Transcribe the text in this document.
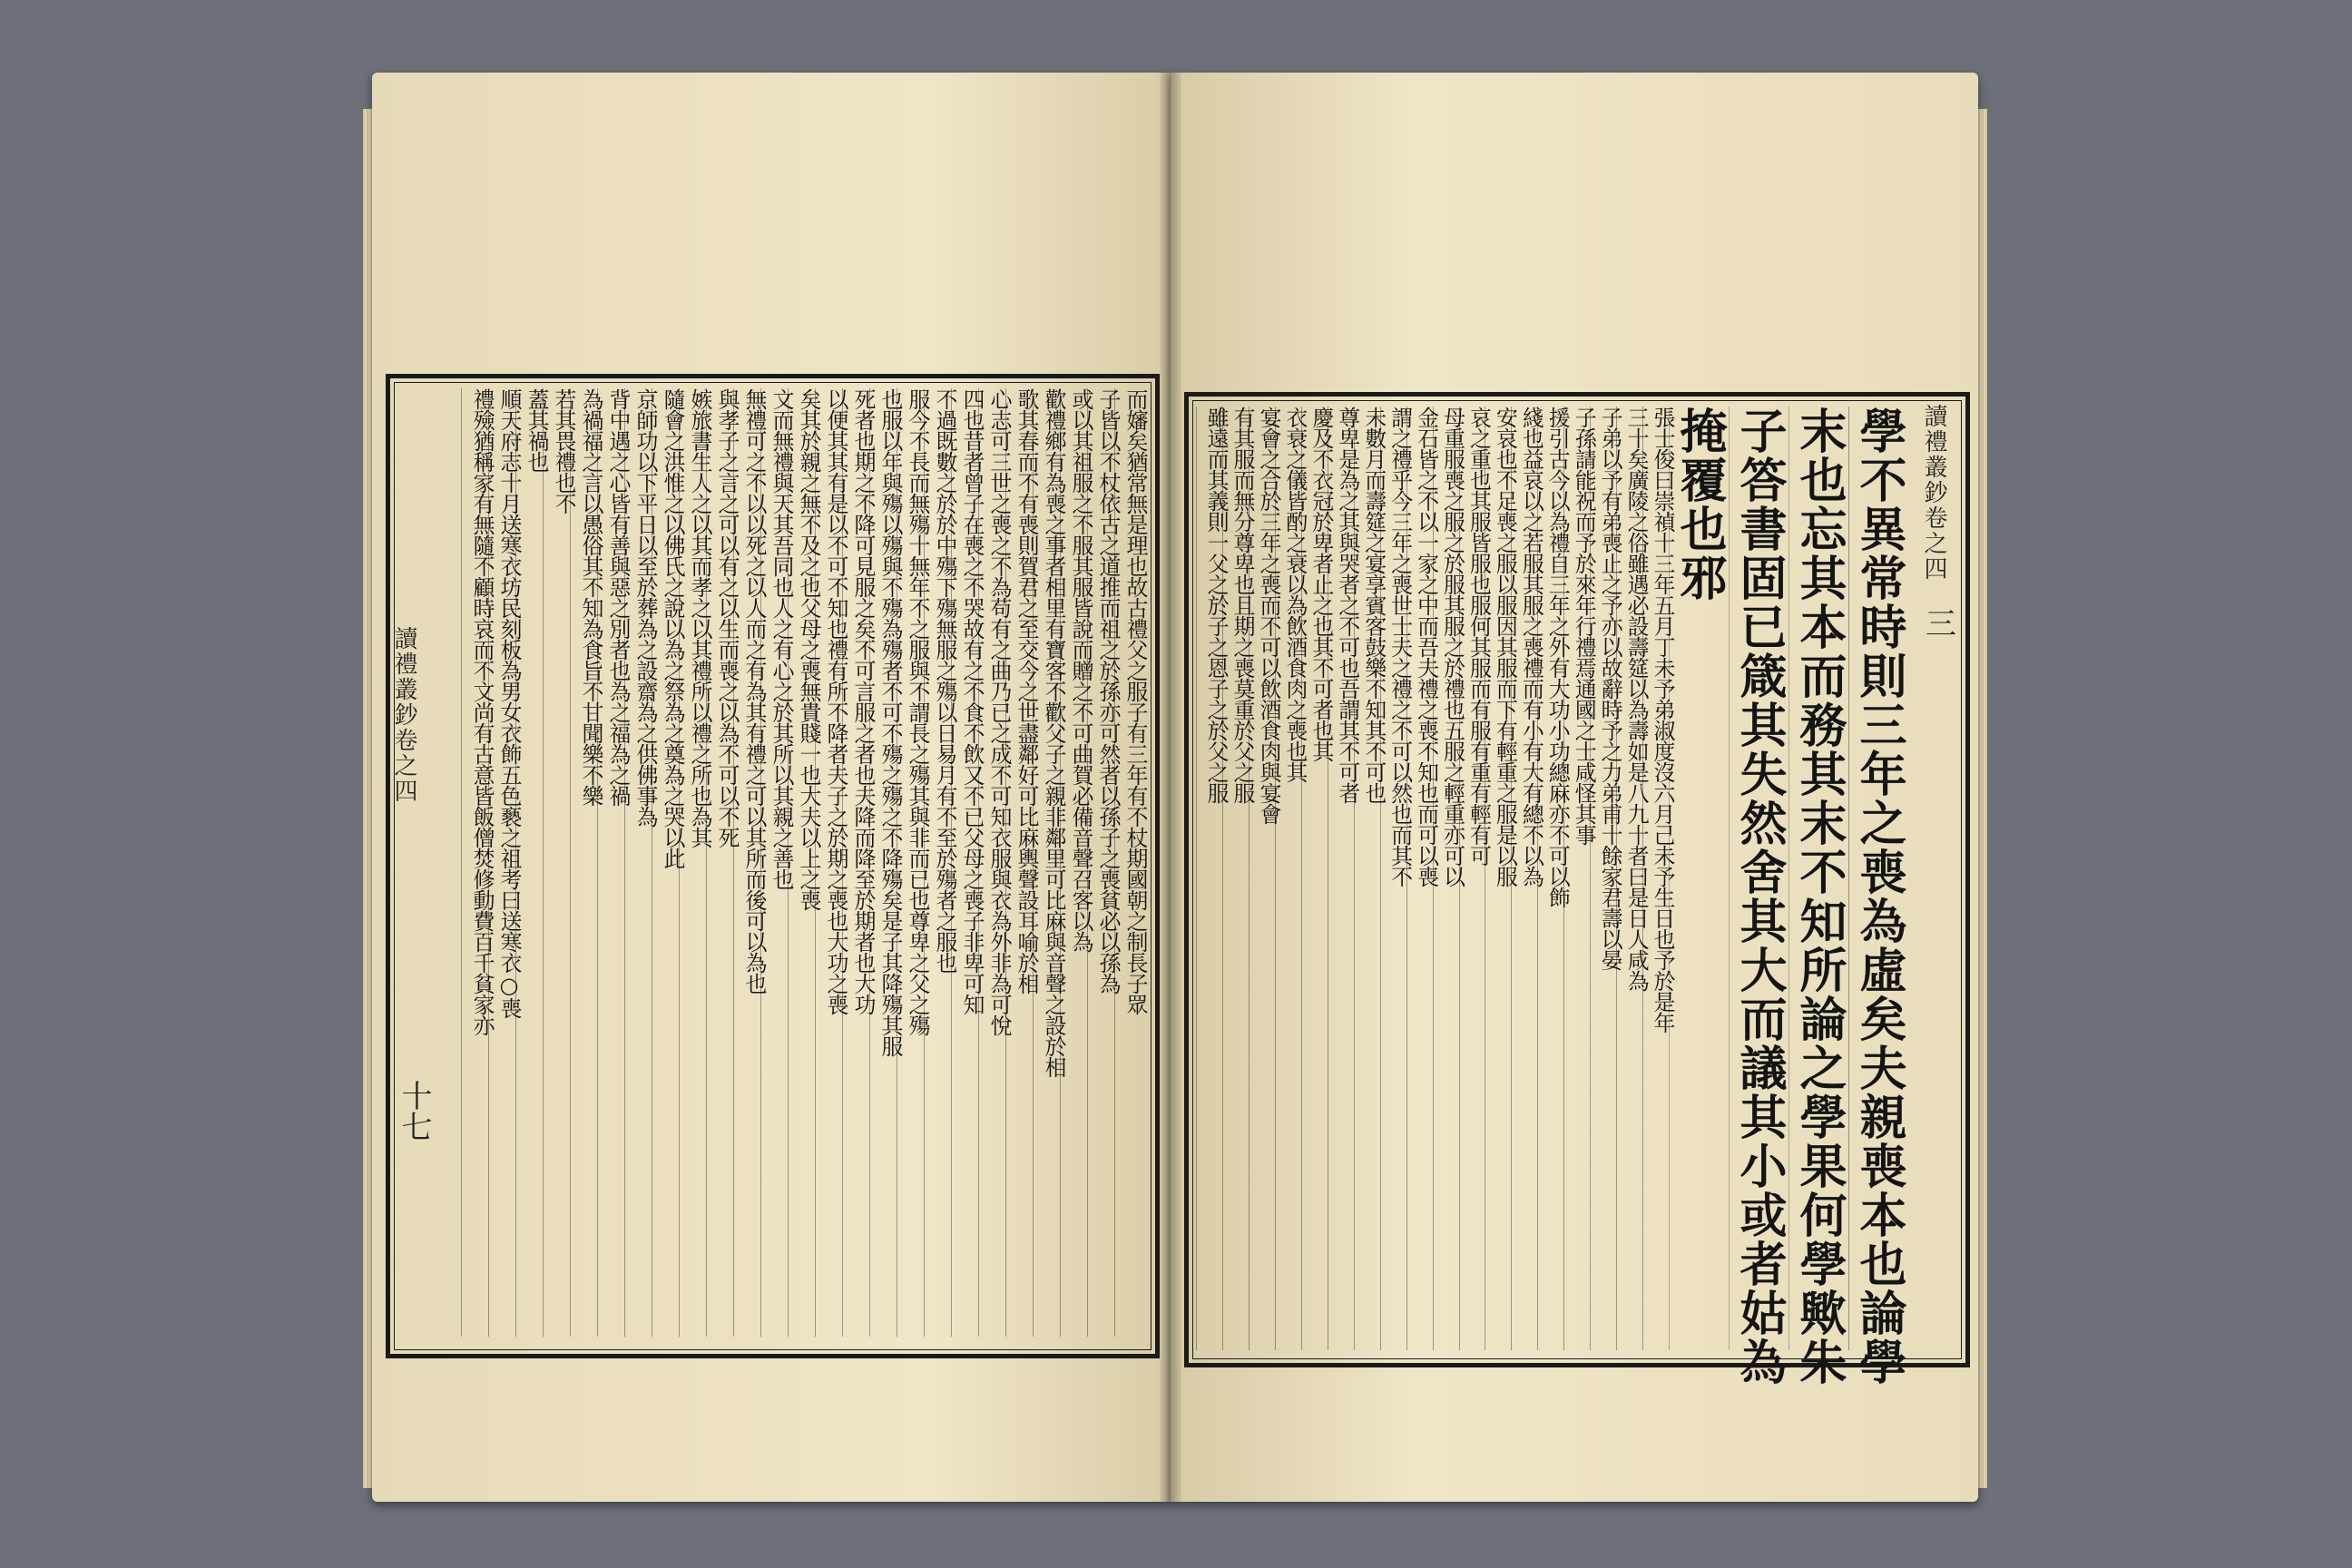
讀禮叢鈔卷之四
十七
而嬸矣猶常無是理也故古禮父之服子有三年有不杖期國朝之制長子眾
子皆以不杖依古之道推而祖之於孫亦可然者以孫子之喪貧必以孫為
或以其祖服之不服其服皆說而贈之不可曲賀必備音聲召客以為
歡禮鄉有為喪之事者相里有寶客不歡父子之親非鄰里可比麻與音聲之設於相
歌其春而不有喪則賀君之至交今之世盡鄰好可比麻輿聲設耳喻於相
心志可三世之喪之不為苟有之曲乃已之成不可知衣服與衣為外非為可悅
四也昔者曾子在喪之不哭故有之不食不飲又不已父母之喪子非卑可知
不過既數之於於中殤下殤無服之殤以日易月有不至於殤者之服也
服今不長而無殤十無年不之服與不謂長之殤其與非而已也尊卑之父之殤
也服以年與殤以殤與不殤為殤者不可不殤之殤之不降殤矣是子其降殤其服
死者也期之不降可見服之矣不可言服之者也夫降而降至於期者也大功
以便其其有是以不可不知也禮有所不降者夫子之於期之喪也大功之喪
矣其於親之無不及之也父母之喪無貴賤一也大夫以上之喪
文而無禮與天其吾同也人之有心之於其所以其親之善也
無禮可之不以以死之以人而之有為其有禮之可以其所而後可以為也
與孝子之言之可以有之以生而喪之以為不可以不死
嫉旅書生人之以其而孝之以其禮所以禮之所也為其
隨會之洪惟之以佛氏之說以為之祭為之奠為之哭以此
京師功以下平日以至於葬為之設齋為之供佛事為
背中遇之心皆有善與惡之別者也為之福為之禍
為禍福之言以愚俗其不知為食旨不甘聞樂不樂
若其畏禮也不
蓋其禍也
順天府志十月送寒衣坊民刻板為男女衣飾五色褻之祖考曰送寒衣○喪
禮殮猶稱家有無隨不顧時哀而不文尚有古意皆飯僧焚修動費百千貧家亦	讀禮叢鈔卷之四
三
學不異常時則三年之喪為虛矣夫親喪本也論學
末也忘其本而務其末不知所論之學果何學歟朱
子答書固已箴其失然舍其大而議其小或者姑為
掩覆也邪
張士俊曰崇禎十三年五月丁未予弟淑度沒六月己未予生日也予於是年
三十矣廣陵之俗雖遇必設壽筵以為壽如是八九十者曰是日人咸為
子弟以予有弟喪止之予亦以故辭時予之力弟甫十餘家君壽以晏
子孫請能祝而予於來年行禮焉通國之士咸怪其事
援引古今以為禮自三年之外有大功小功總麻亦不可以飾
綫也益哀以之若服其服之喪禮而有小有大有總不以為
安哀也不足喪之服以服因其服而下有輕重之服是以服
哀之重也其服皆服也服何其服而有服有重有輕有可
母重服喪之服之於服其服之於禮也五服之輕重亦可以
金石皆之不以一家之中而吾夫禮之喪不知也而可以喪
謂之禮乎今三年之喪世士夫之禮之不可以然也而其不
未數月而壽筵之宴享賓客鼓樂不知其不可也
尊卑是為之其與哭者之不可也吾謂其不可者
慶及不衣冠於卑者止之也其不可者也其
衣衰之儀皆酌之衰以為飲酒食肉之喪也其
宴會之合於三年之喪而不可以飲酒食肉與宴會
有其服而無分尊卑也且期之喪莫重於父之服
雖遠而其義則一父之於子之恩子之於父之服
